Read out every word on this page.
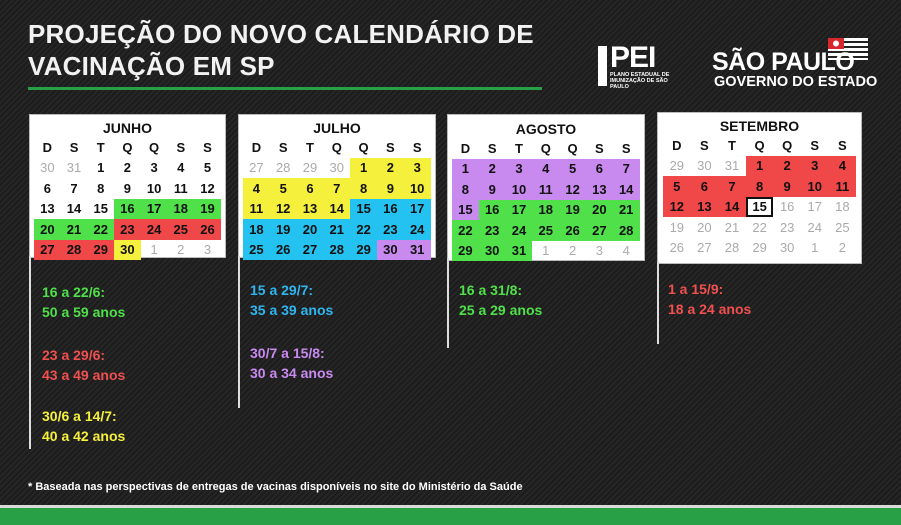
PROJEÇÃO DO NOVO CALENDÁRIO DE
VACINAÇÃO EM SP	PEI
PLANO ESTADUAL DE IMUNIZAÇÃO DE SÃO PAULO
SÃO PAULO
GOVERNO DO ESTADO
JUNHO
D	S	T	Q	Q	S	S
30 31	1	2	3	4	5
6	7	8	9	10 11 12
13 14 15 16 17 18 19
20 21 22 23 24 25 26
27 28 29 30	1	2	3
JULHO
D	S	T	Q	Q	S	S
27 28 29 30	1	2	3
4	5	6	7	8	9	10
11 12 13 14 15 16 17
18 19 20 21 22 23 24
25 26 27 28 29 30 31
AGOSTO
D	S	T	Q	Q	S	S
1	2	3	4	5	6	7
8	9	10 11 12 13 14
15 16 17 18 19 20 21
22 23 24 25 26 27 28
29 30 31	1	2	3	4
SETEMBRO
D	S	T	Q	Q	S	S
29	30	31	1	2	3	4
5	6	7	8	9	10	11
12	13	14	15	16	17	18
19	20	21	22	23	24	25
26	27	28	29	30	1	2
16 a 22/6:
50 a 59 anos
23 a 29/6:
43 a 49 anos
30/6 a 14/7:
40 a 42 anos
15 a 29/7:
35 a 39 anos
30/7 a 15/8:
30 a 34 anos
16 a 31/8:
25 a 29 anos
1 a 15/9:
18 a 24 anos
* Baseada nas perspectivas de entregas de vacinas disponíveis no site do Ministério da Saúde
